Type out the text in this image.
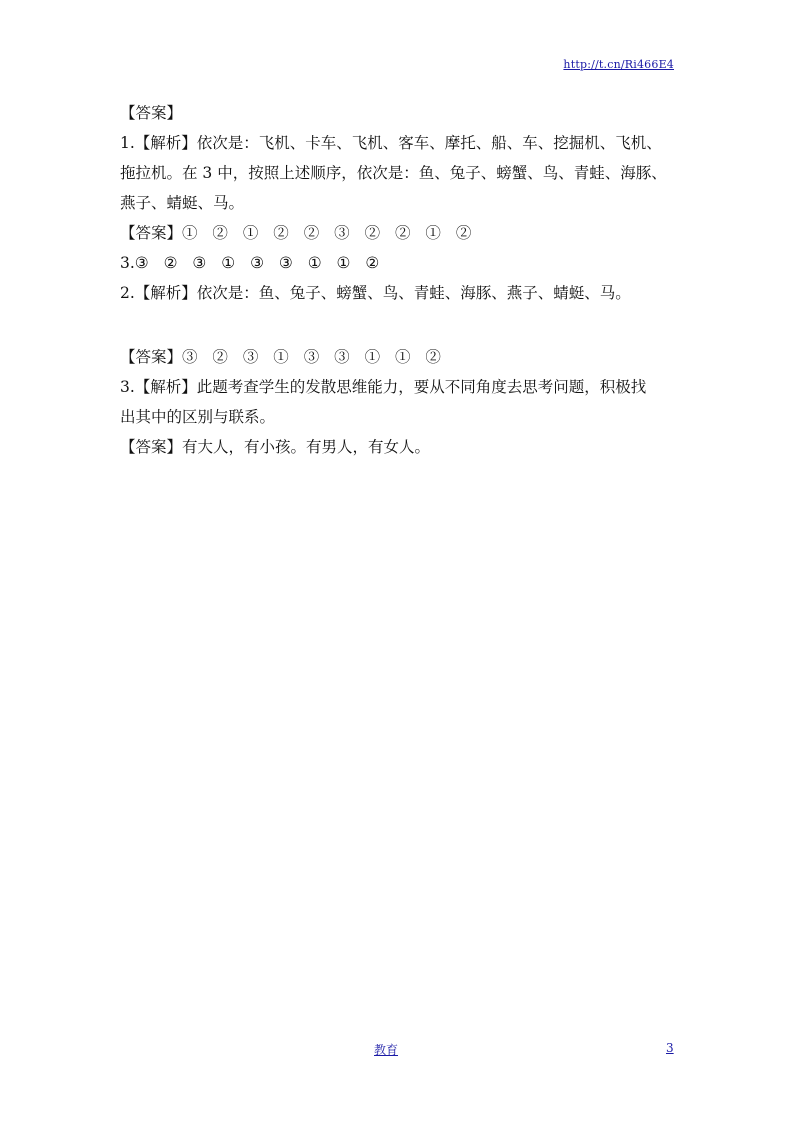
http://t.cn/Ri466E4

【答案】

1.【解析】依次是：飞机、卡车、飞机、客车、摩托、船、车、挖掘机、飞机、

拖拉机。在 3 中，按照上述顺序，依次是：鱼、兔子、螃蟹、鸟、青蛙、海豚、

燕子、蜻蜓、马。

【答案】① ② ① ② ② ③ ② ② ① ②

3.③ ② ③ ① ③ ③ ① ① ②

2.【解析】依次是：鱼、兔子、螃蟹、鸟、青蛙、海豚、燕子、蜻蜓、马。

【答案】③ ② ③ ① ③ ③ ① ① ②

3.【解析】此题考查学生的发散思维能力，要从不同角度去思考问题，积极找

出其中的区别与联系。

【答案】有大人，有小孩。有男人，有女人。

教育	3
